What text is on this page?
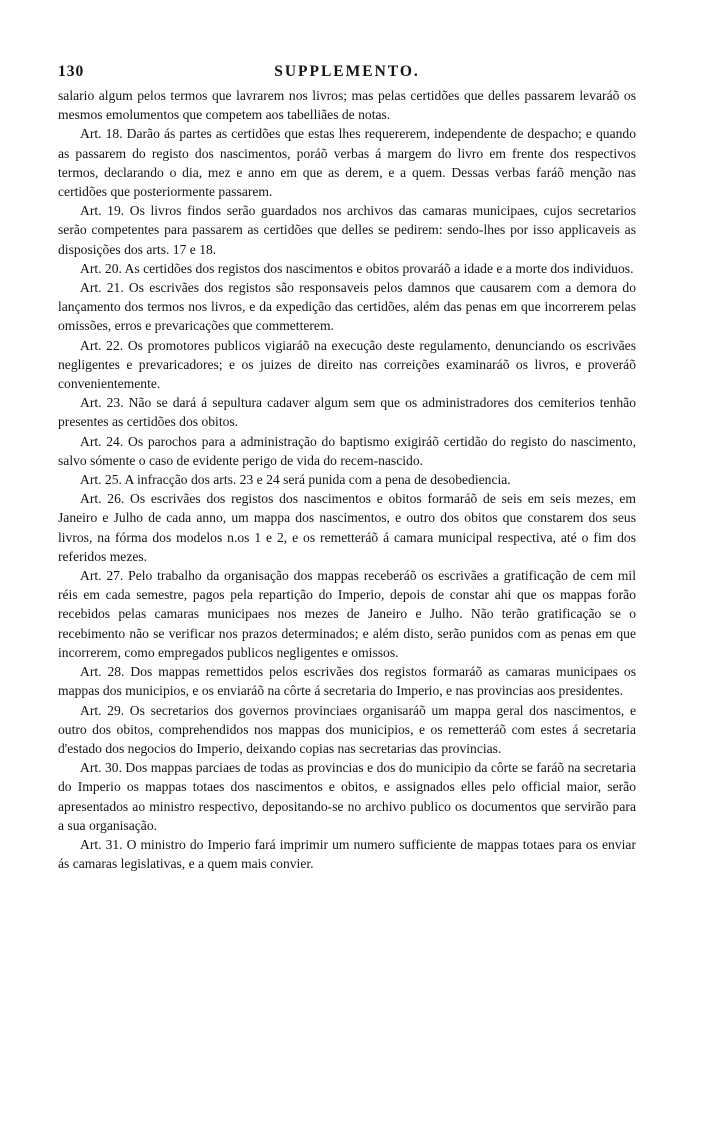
130	SUPPLEMENTO.

salario algum pelos termos que lavrarem nos livros; mas pelas certidões que delles passarem levaráõ os mesmos emolumentos que competem aos tabelliães de notas.

Art. 18. Darão ás partes as certidões que estas lhes requererem, independente de despacho; e quando as passarem do registo dos nascimentos, poráõ verbas á margem do livro em frente dos respectivos termos, declarando o dia, mez e anno em que as derem, e a quem. Dessas verbas faráõ menção nas certidões que posteriormente passarem.

Art. 19. Os livros findos serão guardados nos archivos das camaras municipaes, cujos secretarios serão competentes para passarem as certidões que delles se pedirem: sendo-lhes por isso applicaveis as disposições dos arts. 17 e 18.

Art. 20. As certidões dos registos dos nascimentos e obitos provaráõ a idade e a morte dos individuos.

Art. 21. Os escrivães dos registos são responsaveis pelos damnos que causarem com a demora do lançamento dos termos nos livros, e da expedição das certidões, além das penas em que incorrerem pelas omissões, erros e prevaricações que commetterem.

Art. 22. Os promotores publicos vigiaráõ na execução deste regulamento, denunciando os escrivães negligentes e prevaricadores; e os juizes de direito nas correições examinaráõ os livros, e proveráõ convenientemente.

Art. 23. Não se dará á sepultura cadaver algum sem que os administradores dos cemiterios tenhão presentes as certidões dos obitos.

Art. 24. Os parochos para a administração do baptismo exigiráõ certidão do registo do nascimento, salvo sómente o caso de evidente perigo de vida do recem-nascido.

Art. 25. A infracção dos arts. 23 e 24 será punida com a pena de desobediencia.

Art. 26. Os escrivães dos registos dos nascimentos e obitos formaráõ de seis em seis mezes, em Janeiro e Julho de cada anno, um mappa dos nascimentos, e outro dos obitos que constarem dos seus livros, na fórma dos modelos n.os 1 e 2, e os remetteráõ á camara municipal respectiva, até o fim dos referidos mezes.

Art. 27. Pelo trabalho da organisação dos mappas receberáõ os escrivães a gratificação de cem mil réis em cada semestre, pagos pela repartição do Imperio, depois de constar ahi que os mappas forão recebidos pelas camaras municipaes nos mezes de Janeiro e Julho. Não terão gratificação se o recebimento não se verificar nos prazos determinados; e além disto, serão punidos com as penas em que incorrerem, como empregados publicos negligentes e omissos.

Art. 28. Dos mappas remettidos pelos escrivães dos registos formaráõ as camaras municipaes os mappas dos municipios, e os enviaráõ na côrte á secretaria do Imperio, e nas provincias aos presidentes.

Art. 29. Os secretarios dos governos provinciaes organisaráõ um mappa geral dos nascimentos, e outro dos obitos, comprehendidos nos mappas dos municipios, e os remetteráõ com estes á secretaria d'estado dos negocios do Imperio, deixando copias nas secretarias das provincias.

Art. 30. Dos mappas parciaes de todas as provincias e dos do municipio da côrte se faráõ na secretaria do Imperio os mappas totaes dos nascimentos e obitos, e assignados elles pelo official maior, serão apresentados ao ministro respectivo, depositando-se no archivo publico os documentos que servirão para a sua organisação.

Art. 31. O ministro do Imperio fará imprimir um numero sufficiente de mappas totaes para os enviar ás camaras legislativas, e a quem mais convier.
